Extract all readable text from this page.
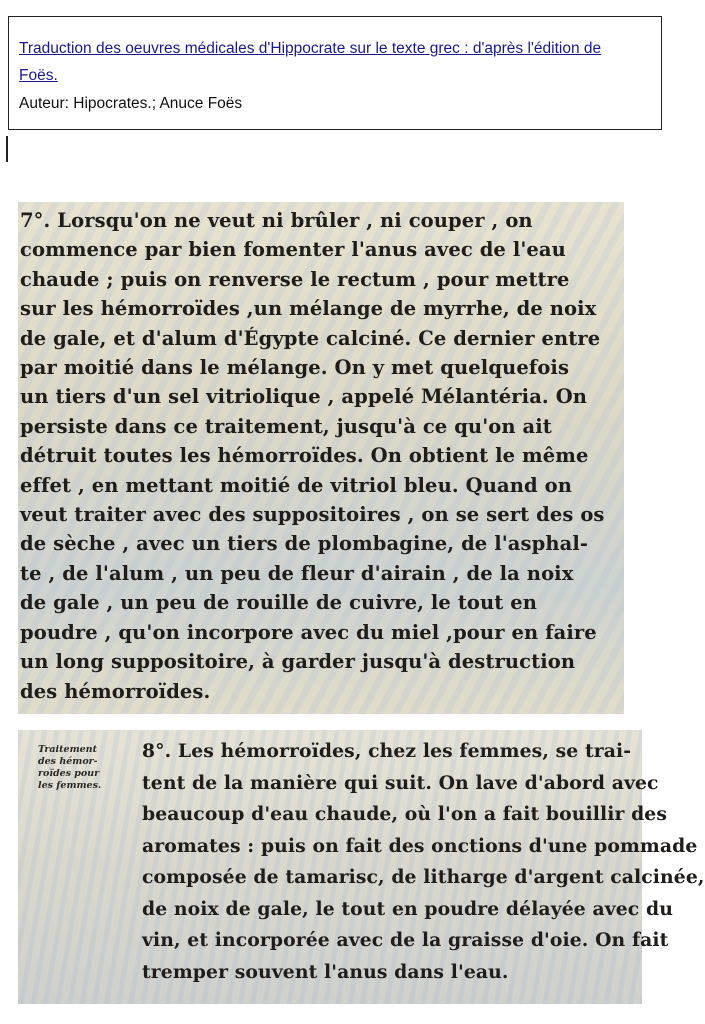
Traduction des oeuvres médicales d'Hippocrate sur le texte grec : d'après l'édition de Foës.
Auteur: Hipocrates.; Anuce Foës
7°. Lorsqu'on ne veut ni brûler , ni couper , on
commence par bien fomenter l'anus avec de l'eau
chaude ; puis on renverse le rectum , pour mettre
sur les hémorroïdes ,un mélange de myrrhe, de noix
de gale, et d'alum d'Égypte calciné. Ce dernier entre
par moitié dans le mélange. On y met quelquefois
un tiers d'un sel vitriolique , appelé Mélantéria. On
persiste dans ce traitement, jusqu'à ce qu'on ait
détruit toutes les hémorroïdes. On obtient le même
effet , en mettant moitié de vitriol bleu. Quand on
veut traiter avec des suppositoires , on se sert des os
de sèche , avec un tiers de plombagine, de l'asphal-
te , de l'alum , un peu de fleur d'airain , de la noix
de gale , un peu de rouille de cuivre, le tout en
poudre , qu'on incorpore avec du miel ,pour en faire
un long suppositoire, à garder jusqu'à destruction
des hémorroïdes.
Traitement
des hémor-
roïdes pour
les femmes.
8°. Les hémorroïdes, chez les femmes, se trai-
tent de la manière qui suit. On lave d'abord avec
beaucoup d'eau chaude, où l'on a fait bouillir des
aromates : puis on fait des onctions d'une pommade
composée de tamarisc, de litharge d'argent calcinée,
de noix de gale, le tout en poudre délayée avec du
vin, et incorporée avec de la graisse d'oie. On fait
tremper souvent l'anus dans l'eau.
